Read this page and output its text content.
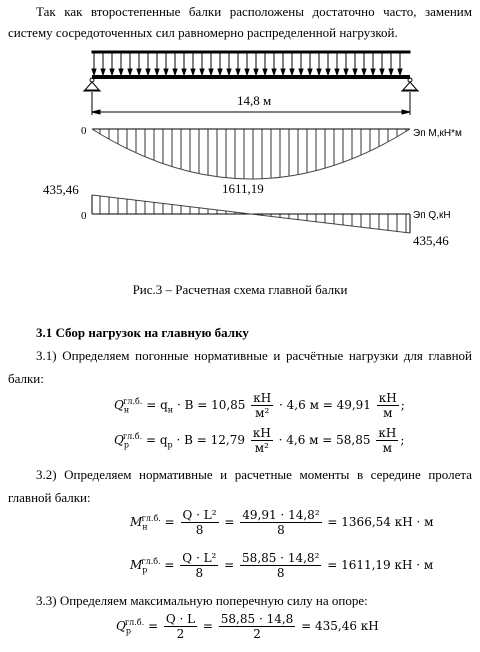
Так как второстепенные балки расположены достаточно часто, заменим
систему сосредоточенных сил равномерно распределенной нагрузкой.
14,8 м
0	Эп M,кН*м
1611,19
435,46
0	Эп Q,кН
435,46
Рис.3 – Расчетная схема главной балки
3.1 Сбор нагрузок на главную балку
3.1) Определяем погонные нормативные и расчётные нагрузки для главной
балки:
$Q_н^{гл.б.} = q_н \cdot B = 10,85 \frac{кН}{\text{м²}} \cdot 4,6$ $м = 49,91 \frac{кН}{м}$ ;
$Q_р^{гл.б.} = q_р \cdot B = 12,79 \frac{кН}{\text{м²}} \cdot 4,6$ $м = 58,85 \frac{кН}{м}$ ;
3.2) Определяем нормативные и расчетные моменты в середине пролета
главной балки:
$M_н^{гл.б.} = \frac{\text{Q · L²}}{8} = \frac{\text{49,91 · 14,8²}}{8} = 1366,54$ кН · м
$M_р^{гл.б.} = \frac{\text{Q · L²}}{8} = \frac{\text{58,85 · 14,8²}}{8} = 1611,19$ кН · м
3.3) Определяем максимальную поперечную силу на опоре:
$Q_р^{гл.б.} = \frac{Q \cdot L}{2} = \frac{58,85 \cdot 14,8}{2} = 435,46$ кН
